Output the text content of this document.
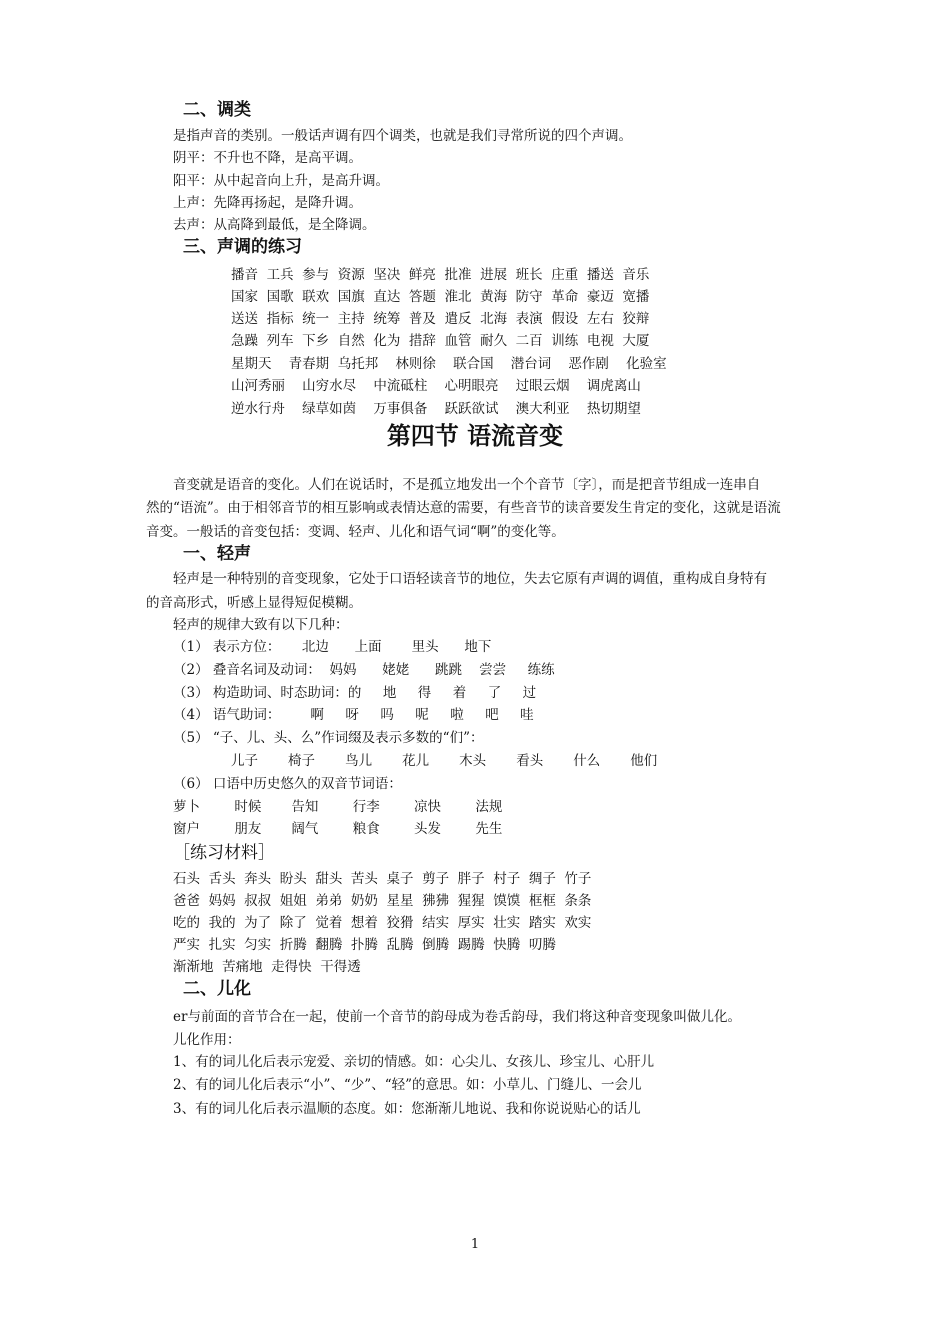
二、调类
是指声音的类别。一般话声调有四个调类，也就是我们寻常所说的四个声调。
阴平：不升也不降，是高平调。
阳平：从中起音向上升，是高升调。
上声：先降再扬起，是降升调。
去声：从高降到最低，是全降调。
三、声调的练习
播音  工兵  参与  资源  坚决  鲜亮  批准  进展  班长  庄重  播送  音乐
国家  国歌  联欢  国旗  直达  答题  淮北  黄海  防守  革命  豪迈  宽播
送送  指标  统一  主持  统筹  普及  遣反  北海  表演  假设  左右  狡辩
急躁  列车  下乡  自然  化为  措辞  血管  耐久  二百  训练  电视  大厦
星期天    青春期  乌托邦    林则徐    联合国    潜台词    恶作剧    化验室
山河秀丽    山穷水尽    中流砥柱    心明眼亮    过眼云烟    调虎离山
逆水行舟    绿草如茵    万事俱备    跃跃欲试    澳大利亚    热切期望
第四节 语流音变
音变就是语音的变化。人们在说话时，不是孤立地发出一个个音节〔字〕，而是把音节组成一连串自
然的“语流”。由于相邻音节的相互影响或表情达意的需要，有些音节的读音要发生肯定的变化，这就是语流
音变。一般话的音变包括：变调、轻声、儿化和语气词“啊”的变化等。
一、轻声
轻声是一种特别的音变现象，它处于口语轻读音节的地位，失去它原有声调的调值，重构成自身特有
的音高形式，听感上显得短促模糊。
轻声的规律大致有以下几种：
（1） 表示方位：     北边      上面       里头      地下
（2） 叠音名词及动词：  妈妈      姥姥      跳跳    尝尝     练练
（3） 构造助词、时态助词：的     地     得     着     了     过
（4） 语气助词：       啊     呀     吗     呢     啦     吧     哇
（5） “子、儿、头、么”作词缀及表示多数的“们”：
儿子       椅子       鸟儿       花儿       木头       看头       什么       他们
（6） 口语中历史悠久的双音节词语：
萝卜        时候       告知        行李        凉快        法规
窗户        朋友       阔气        粮食        头发        先生
［练习材料］
石头  舌头  奔头  盼头  甜头  苦头  桌子  剪子  胖子  村子  绸子  竹子
爸爸  妈妈  叔叔  姐姐  弟弟  奶奶  星星  狒狒  猩猩  馍馍  框框  条条
吃的  我的  为了  除了  觉着  想着  狡猾  结实  厚实  壮实  踏实  欢实
严实  扎实  匀实  折腾  翻腾  扑腾  乱腾  倒腾  踢腾  快腾  叨腾
渐渐地  苦痛地  走得快  干得透
二、儿化
er与前面的音节合在一起，使前一个音节的韵母成为卷舌韵母，我们将这种音变现象叫做儿化。
儿化作用：
1、有的词儿化后表示宠爱、亲切的情感。如：心尖儿、女孩儿、珍宝儿、心肝儿
2、有的词儿化后表示“小”、“少”、“轻”的意思。如：小草儿、门缝儿、一会儿
3、有的词儿化后表示温顺的态度。如：您渐渐儿地说、我和你说说贴心的话儿
1
